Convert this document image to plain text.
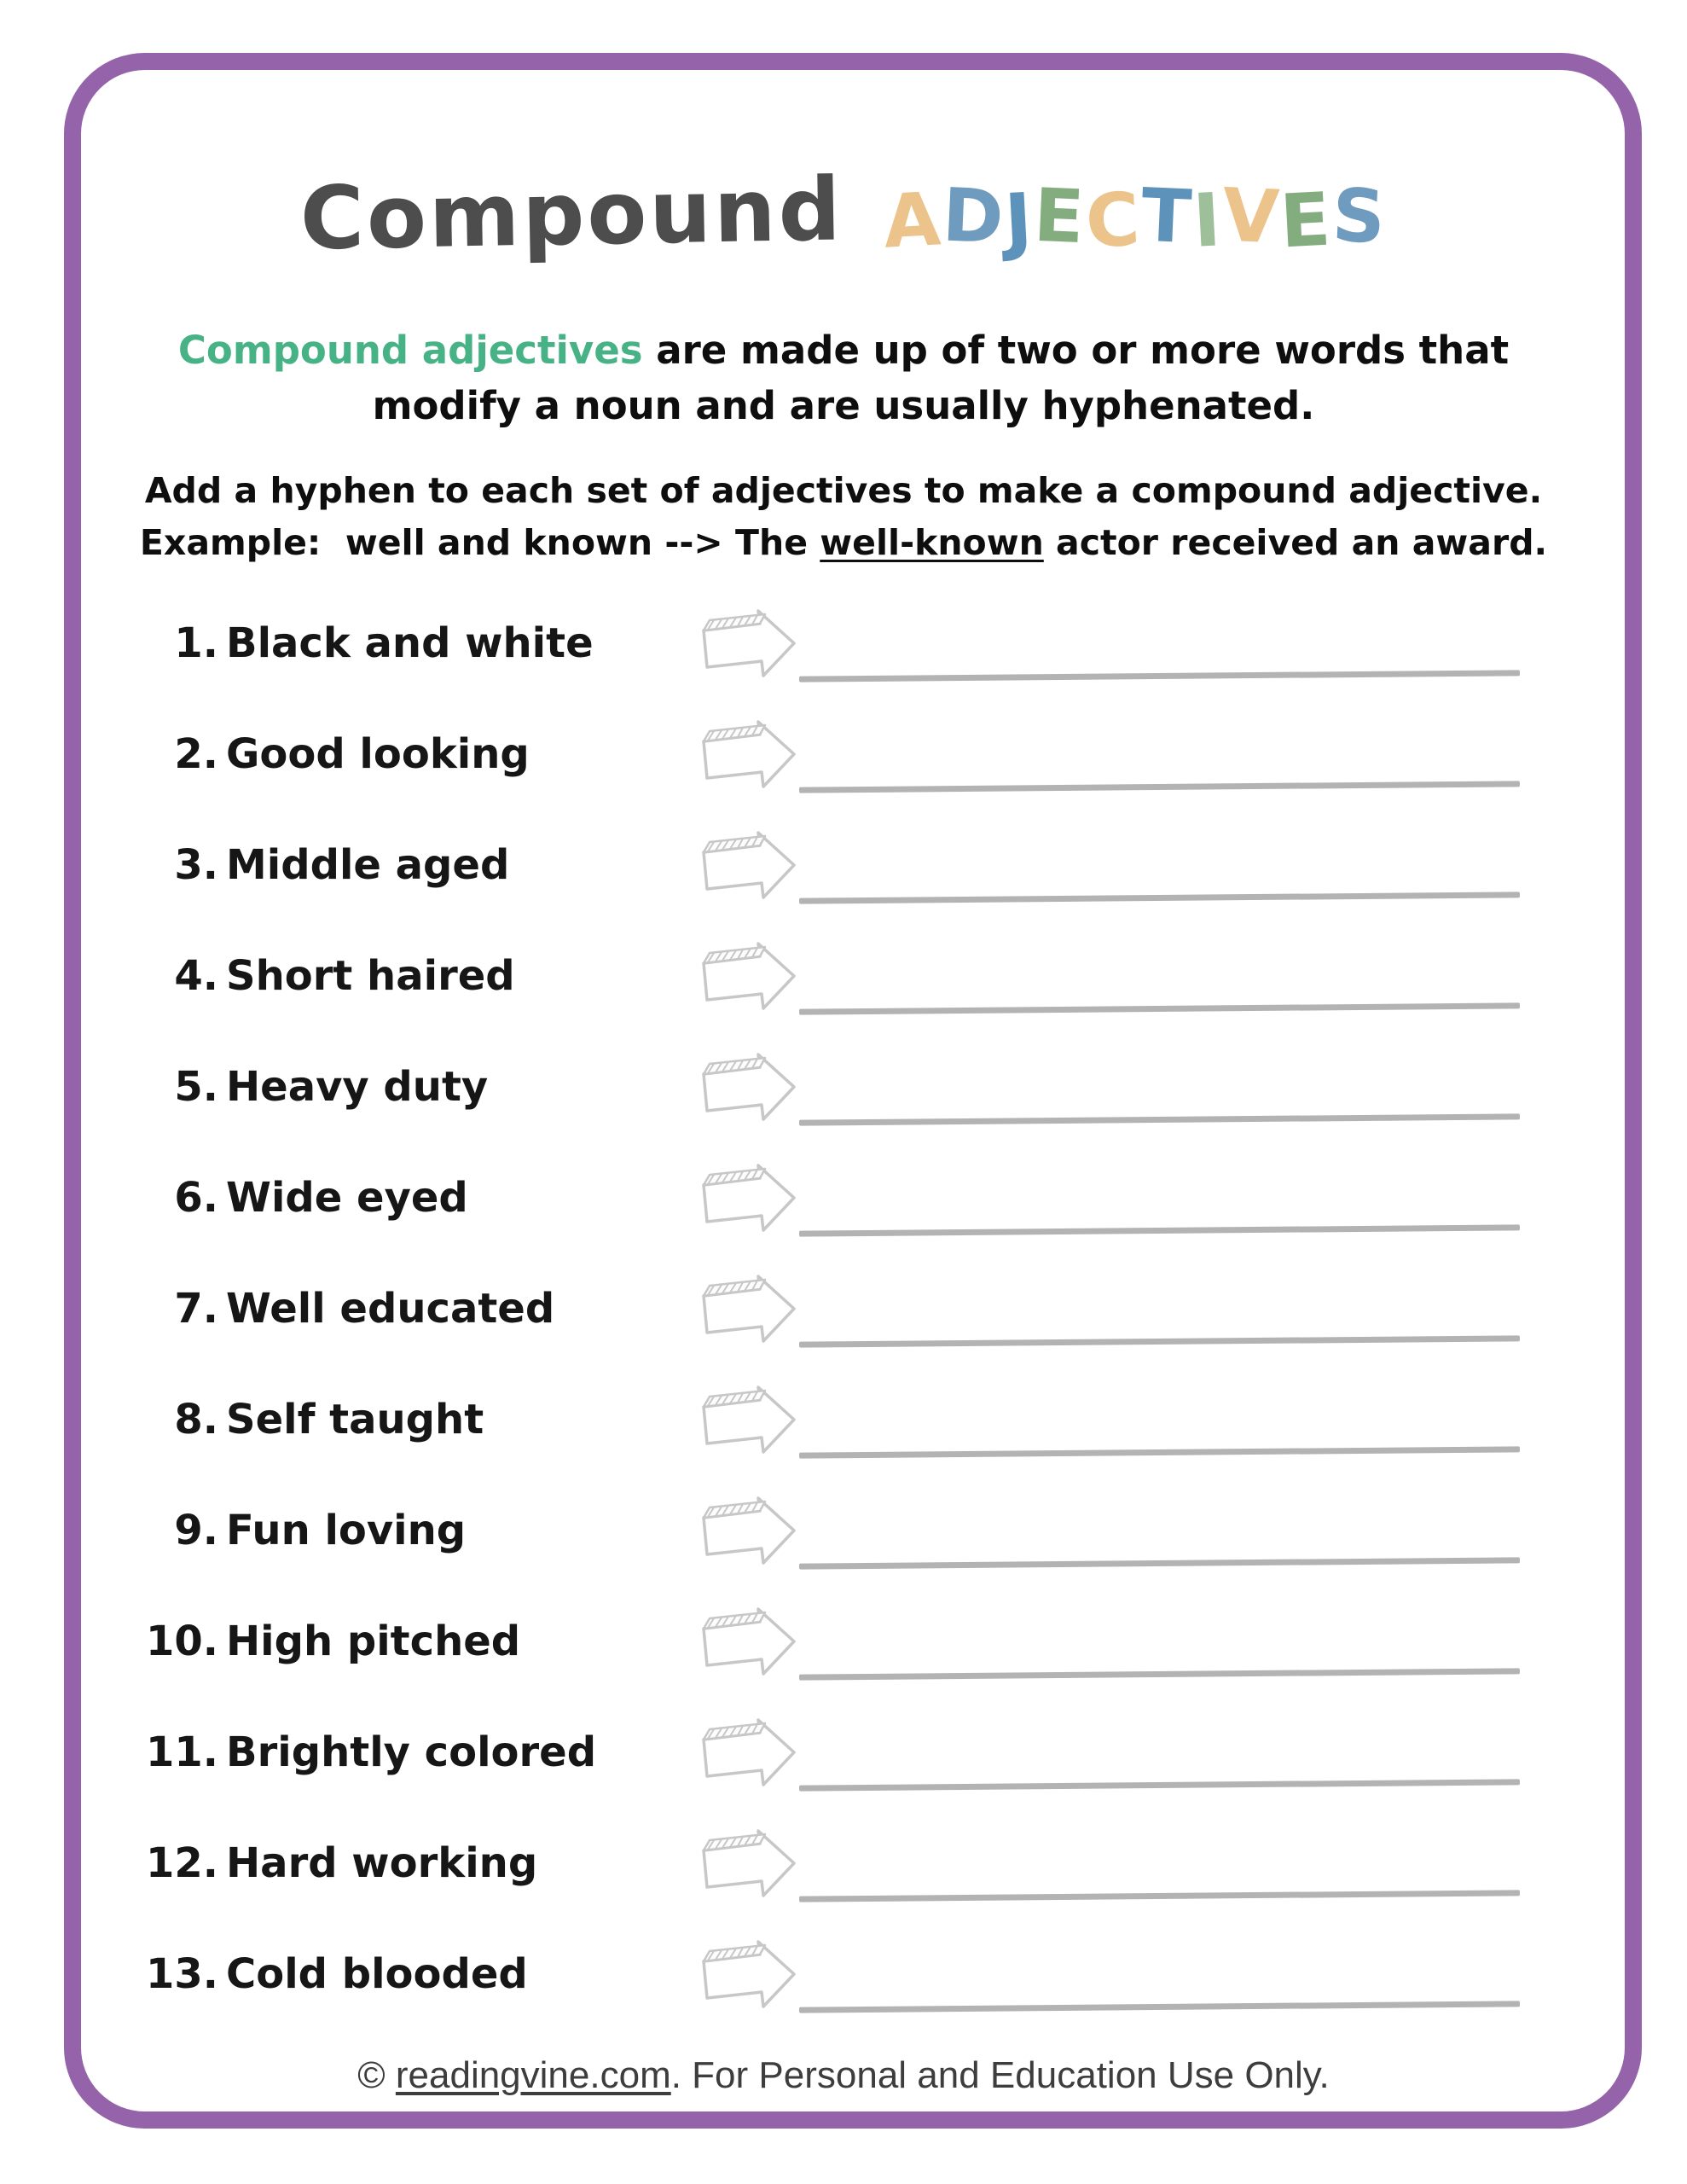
Compound ADJECTIVES
Compound adjectives are made up of two or more words that
modify a noun and are usually hyphenated.
Add a hyphen to each set of adjectives to make a compound adjective.
Example:  well and known --> The well-known actor received an award.
1. Black and white
2. Good looking
3. Middle aged
4. Short haired
5. Heavy duty
6. Wide eyed
7. Well educated
8. Self taught
9. Fun loving
10. High pitched
11. Brightly colored
12. Hard working
13. Cold blooded
© readingvine.com. For Personal and Education Use Only.
